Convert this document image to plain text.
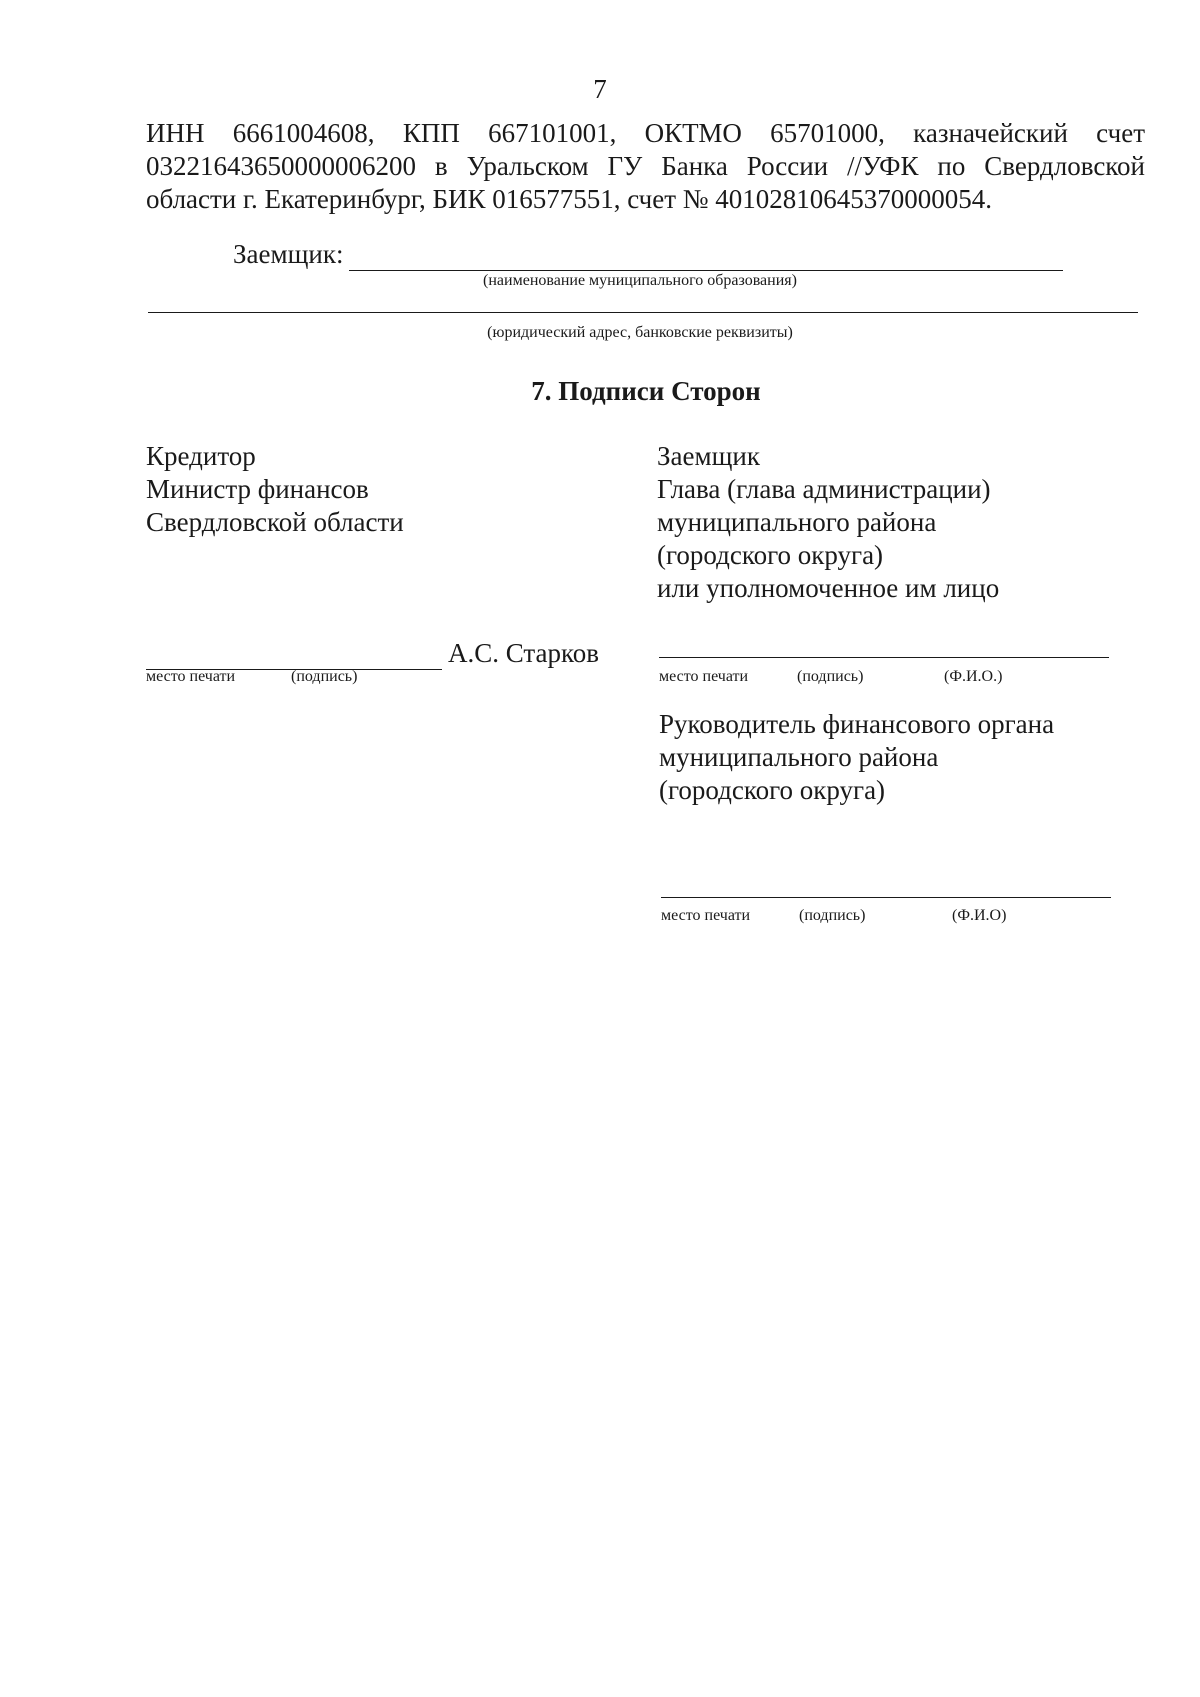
7
ИНН 6661004608, КПП 667101001, ОКТМО 65701000, казначейский счет
03221643650000006200 в Уральском ГУ Банка России //УФК по Свердловской
области г. Екатеринбург, БИК 016577551, счет № 40102810645370000054.
Заемщик:
(наименование муниципального образования)
(юридический адрес, банковские реквизиты)
7. Подписи Сторон
Кредитор
Министр финансов
Свердловской области
А.С. Старков
место печати	(подпись)
Заемщик
Глава (глава администрации)
муниципального района
(городского округа)
или уполномоченное им лицо
место печати	(подпись)	(Ф.И.О.)
Руководитель финансового органа
муниципального района
(городского округа)
место печати	(подпись)	(Ф.И.О)
